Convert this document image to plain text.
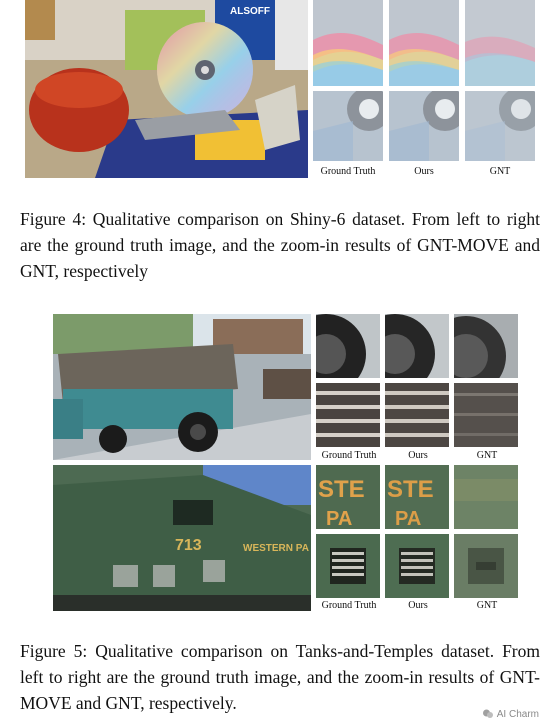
ALSOFF
Ground Truth	Ours	GNT
Figure 4: Qualitative comparison on Shiny-6 dataset. From left to right are the ground truth image, and the zoom-in results of GNT-MOVE and GNT, respectively
Ground Truth	Ours	GNT
713	WESTERN PA
STE
PA
STE
PA
Ground Truth	Ours	GNT
Figure 5: Qualitative comparison on Tanks-and-Temples dataset. From left to right are the ground truth image, and the zoom-in results of GNT-MOVE and GNT, respectively.
AI Charm
